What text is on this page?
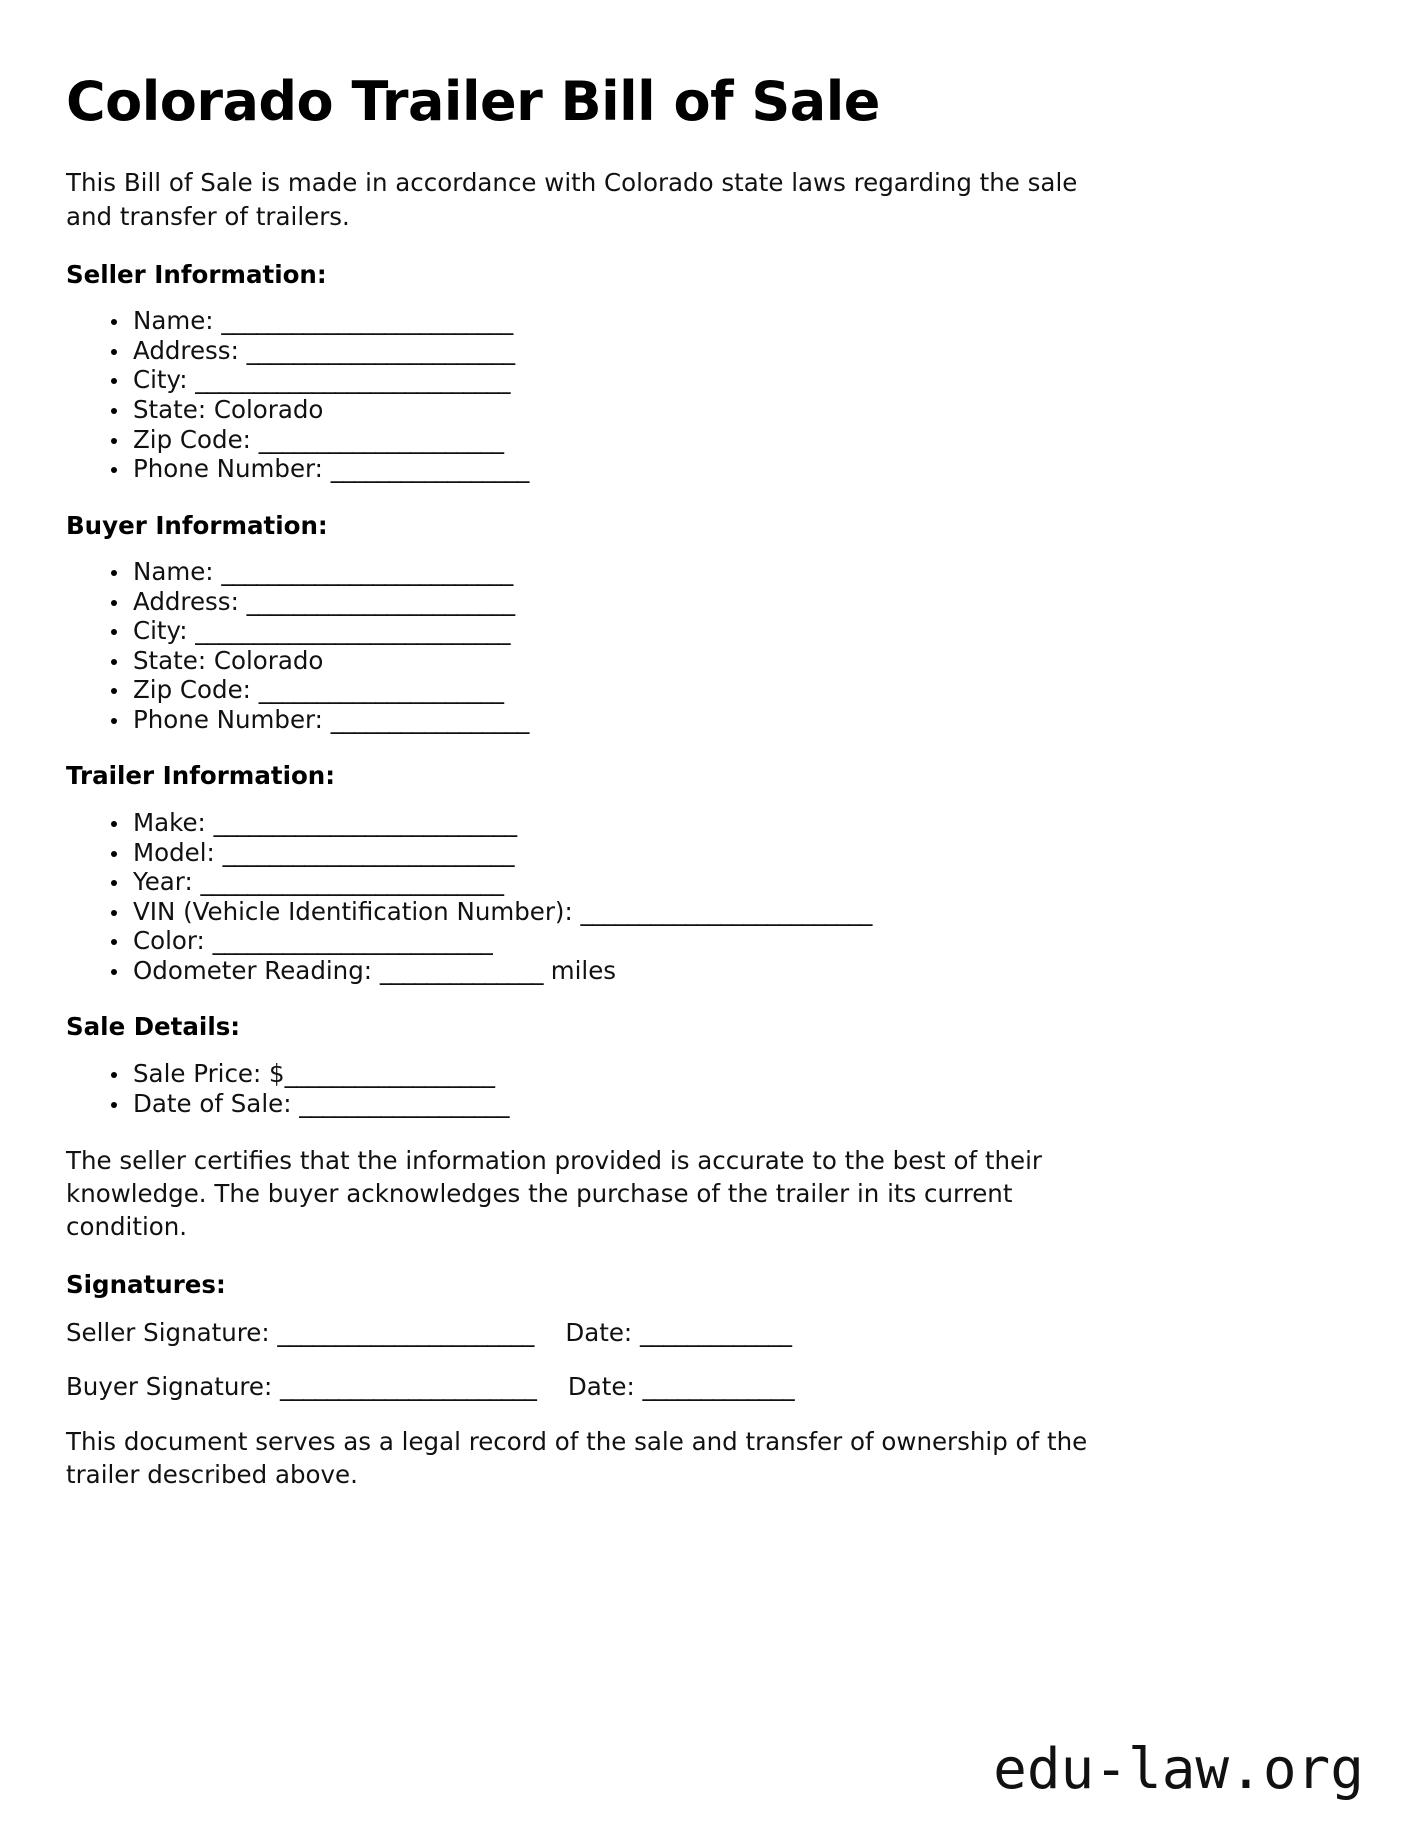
Colorado Trailer Bill of Sale

This Bill of Sale is made in accordance with Colorado state laws regarding the sale and transfer of trailers.

Seller Information:
Name: _________________________
Address: _______________________
City: ___________________________
State: Colorado
Zip Code: _____________________
Phone Number: _________________
Buyer Information:
Name: _________________________
Address: _______________________
City: ___________________________
State: Colorado
Zip Code: _____________________
Phone Number: _________________
Trailer Information:
Make: __________________________
Model: _________________________
Year: __________________________
VIN (Vehicle Identification Number): _________________________
Color: ________________________
Odometer Reading: ______________ miles
Sale Details:
Sale Price: $__________________
Date of Sale: __________________

The seller certifies that the information provided is accurate to the best of their knowledge. The buyer acknowledges the purchase of the trailer in its current condition.

Signatures:
Seller Signature: ______________________ Date: _____________
Buyer Signature: ______________________ Date: _____________

This document serves as a legal record of the sale and transfer of ownership of the trailer described above.

edu-law.org
